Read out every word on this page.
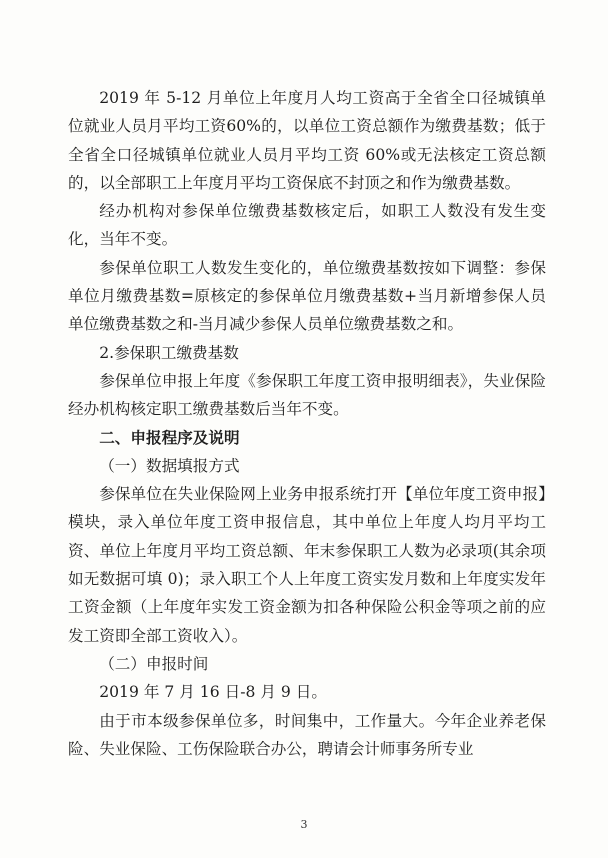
2019 年 5-12 月单位上年度月人均工资高于全省全口径城镇单位就业人员月平均工资60%的，以单位工资总额作为缴费基数；低于全省全口径城镇单位就业人员月平均工资 60%或无法核定工资总额的，以全部职工上年度月平均工资保底不封顶之和作为缴费基数。

经办机构对参保单位缴费基数核定后，如职工人数没有发生变化，当年不变。

参保单位职工人数发生变化的，单位缴费基数按如下调整：参保单位月缴费基数=原核定的参保单位月缴费基数+当月新增参保人员单位缴费基数之和-当月减少参保人员单位缴费基数之和。

2.参保职工缴费基数

参保单位申报上年度《参保职工年度工资申报明细表》，失业保险经办机构核定职工缴费基数后当年不变。

二、申报程序及说明

（一）数据填报方式

参保单位在失业保险网上业务申报系统打开【单位年度工资申报】模块，录入单位年度工资申报信息，其中单位上年度人均月平均工资、单位上年度月平均工资总额、年末参保职工人数为必录项(其余项如无数据可填 0)；录入职工个人上年度工资实发月数和上年度实发年工资金额（上年度年实发工资金额为扣各种保险公积金等项之前的应发工资即全部工资收入）。

（二）申报时间

2019 年 7 月 16 日-8 月 9 日。

由于市本级参保单位多，时间集中，工作量大。今年企业养老保险、失业保险、工伤保险联合办公，聘请会计师事务所专业

3
